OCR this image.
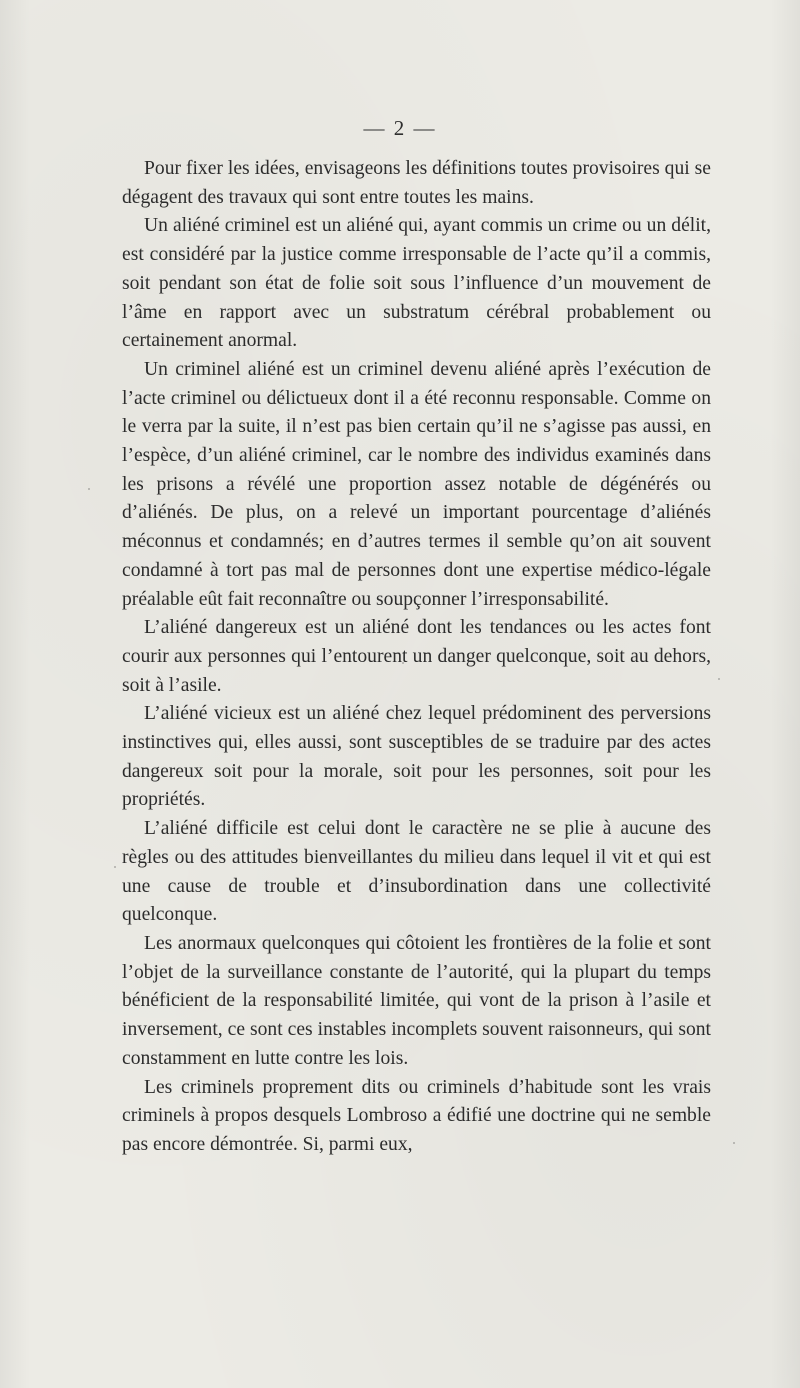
— 2 —

Pour fixer les idées, envisageons les définitions toutes provisoires qui se dégagent des travaux qui sont entre toutes les mains.

Un aliéné criminel est un aliéné qui, ayant commis un crime ou un délit, est considéré par la justice comme irresponsable de l’acte qu’il a commis, soit pendant son état de folie soit sous l’influence d’un mouvement de l’âme en rapport avec un substratum cérébral probablement ou certainement anormal.

Un criminel aliéné est un criminel devenu aliéné après l’exécution de l’acte criminel ou délictueux dont il a été reconnu responsable. Comme on le verra par la suite, il n’est pas bien certain qu’il ne s’agisse pas aussi, en l’espèce, d’un aliéné criminel, car le nombre des individus examinés dans les prisons a révélé une proportion assez notable de dégénérés ou d’aliénés. De plus, on a relevé un important pourcentage d’aliénés méconnus et condamnés; en d’autres termes il semble qu’on ait souvent condamné à tort pas mal de personnes dont une expertise médico-légale préalable eût fait reconnaître ou soupçonner l’irresponsabilité.

L’aliéné dangereux est un aliéné dont les tendances ou les actes font courir aux personnes qui l’entourent un danger quelconque, soit au dehors, soit à l’asile.

L’aliéné vicieux est un aliéné chez lequel prédominent des perversions instinctives qui, elles aussi, sont susceptibles de se traduire par des actes dangereux soit pour la morale, soit pour les personnes, soit pour les propriétés.

L’aliéné difficile est celui dont le caractère ne se plie à aucune des règles ou des attitudes bienveillantes du milieu dans lequel il vit et qui est une cause de trouble et d’insubordination dans une collectivité quelconque.

Les anormaux quelconques qui côtoient les frontières de la folie et sont l’objet de la surveillance constante de l’autorité, qui la plupart du temps bénéficient de la responsabilité limitée, qui vont de la prison à l’asile et inversement, ce sont ces instables incomplets souvent raisonneurs, qui sont constamment en lutte contre les lois.

Les criminels proprement dits ou criminels d’habitude sont les vrais criminels à propos desquels Lombroso a édifié une doctrine qui ne semble pas encore démontrée. Si, parmi eux,
